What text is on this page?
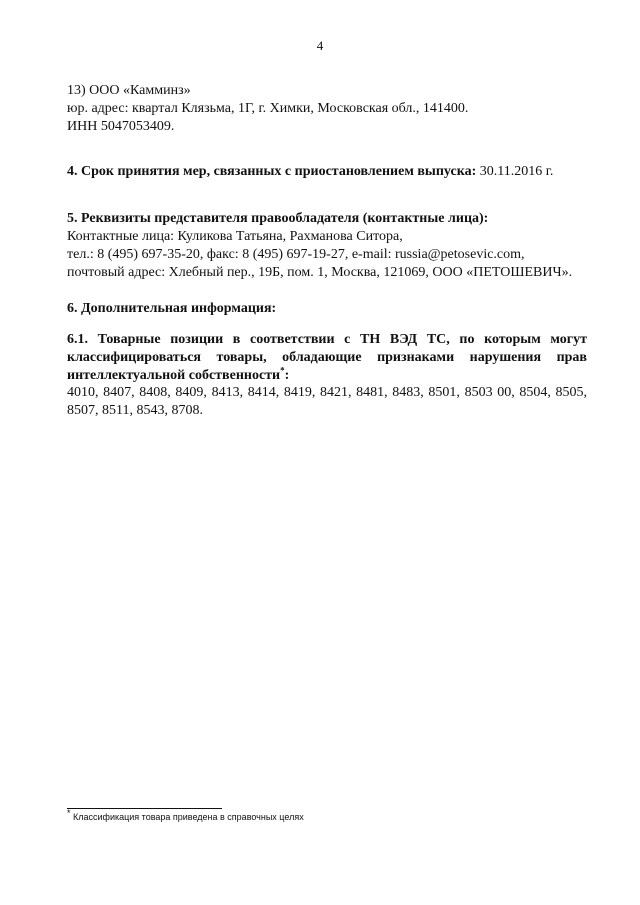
4

13) ООО «Камминз»

юр. адрес: квартал Клязьма, 1Г, г. Химки, Московская обл., 141400.

ИНН 5047053409.

4. Срок принятия мер, связанных с приостановлением выпуска: 30.11.2016 г.

5. Реквизиты представителя правообладателя (контактные лица):

Контактные лица: Куликова Татьяна, Рахманова Ситора,

тел.: 8 (495) 697-35-20, факс: 8 (495) 697-19-27, e-mail: russia@petosevic.com,

почтовый адрес: Хлебный пер., 19Б, пом. 1, Москва, 121069, ООО «ПЕТОШЕВИЧ».

6. Дополнительная информация:

6.1. Товарные позиции в соответствии с ТН ВЭД ТС, по которым могут
классифицироваться товары, обладающие признаками нарушения прав
интеллектуальной собственности*:
4010, 8407, 8408, 8409, 8413, 8414, 8419, 8421, 8481, 8483, 8501, 8503 00, 8504, 8505,
8507, 8511, 8543, 8708.
* Классификация товара приведена в справочных целях
